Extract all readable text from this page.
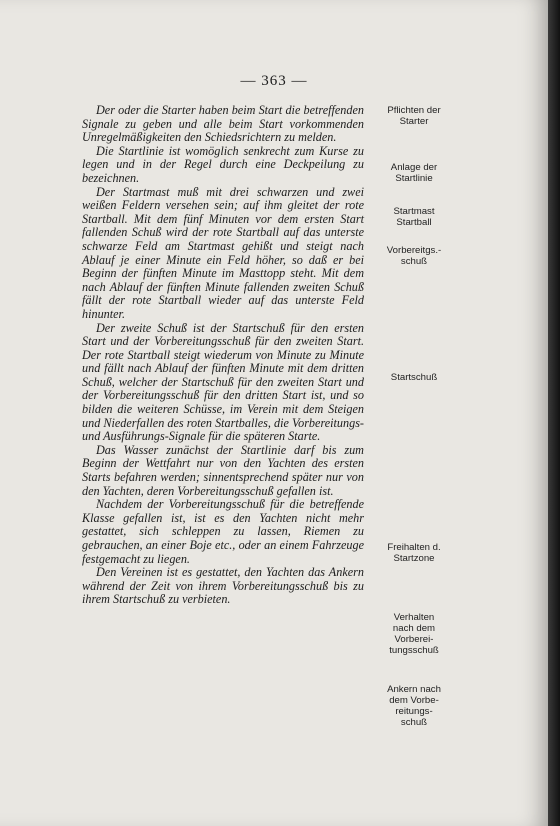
— 363 —

Der oder die Starter haben beim Start die betreffenden Signale zu geben und alle beim Start vorkommenden Unregelmäßigkeiten den Schiedsrichtern zu melden.

Die Startlinie ist womöglich senkrecht zum Kurse zu legen und in der Regel durch eine Deckpeilung zu bezeichnen.

Der Startmast muß mit drei schwarzen und zwei weißen Feldern versehen sein; auf ihm gleitet der rote Startball. Mit dem fünf Minuten vor dem ersten Start fallenden Schuß wird der rote Startball auf das unterste schwarze Feld am Startmast gehißt und steigt nach Ablauf je einer Minute ein Feld höher, so daß er bei Beginn der fünften Minute im Masttopp steht. Mit dem nach Ablauf der fünften Minute fallenden zweiten Schuß fällt der rote Startball wieder auf das unterste Feld hinunter.

Der zweite Schuß ist der Startschuß für den ersten Start und der Vorbereitungsschuß für den zweiten Start. Der rote Startball steigt wiederum von Minute zu Minute und fällt nach Ablauf der fünften Minute mit dem dritten Schuß, welcher der Startschuß für den zweiten Start und der Vorbereitungsschuß für den dritten Start ist, und so bilden die weiteren Schüsse, im Verein mit dem Steigen und Niederfallen des roten Startballes, die Vorbereitungs- und Ausführungs-Signale für die späteren Starte.

Das Wasser zunächst der Startlinie darf bis zum Beginn der Wettfahrt nur von den Yachten des ersten Starts befahren werden; sinnentsprechend später nur von den Yachten, deren Vorbereitungsschuß gefallen ist.

Nachdem der Vorbereitungsschuß für die betreffende Klasse gefallen ist, ist es den Yachten nicht mehr gestattet, sich schleppen zu lassen, Riemen zu gebrauchen, an einer Boje etc., oder an einem Fahrzeuge festgemacht zu liegen.

Den Vereinen ist es gestattet, den Yachten das Ankern während der Zeit von ihrem Vorbereitungsschuß bis zu ihrem Startschuß zu verbieten.

Pflichten der
Starter
Anlage der
Startlinie
Startmast
Startball
Vorbereitgs.-
schuß
Startschuß
Freihalten d.
Startzone
Verhalten
nach dem
Vorberei-
tungsschuß
Ankern nach
dem Vorbe-
reitungs-
schuß
